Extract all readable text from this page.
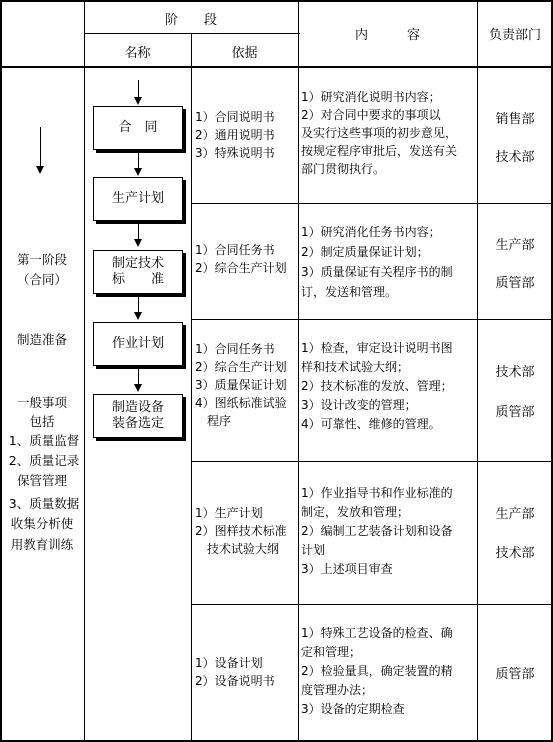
阶　　段
名称	依据
内　　　容	负责部门
第一阶段
（合同）
制造准备
一般事项
包括
1、质量监督
2、质量记录
保管管理
3、质量数据
收集分析使
用教育训练
合　同
生产计划
制定技术
标　　准
作业计划
制造设备
装备选定
1）合同说明书
2）通用说明书
3）特殊说明书
1）研究消化说明书内容；
2）对合同中要求的事项以
及实行这些事项的初步意见，
按规定程序审批后，发送有关
部门贯彻执行。
销售部
技术部
1）合同任务书
2）综合生产计划
1）研究消化任务书内容；
2）制定质量保证计划；
3）质量保证有关程序书的制
订，发送和管理。
生产部
质管部
1）合同任务书
2）综合生产计划
3）质量保证计划
4）图纸标准试验
　程序
1）检查，审定设计说明书图
样和技术试验大纲；
2）技术标准的发放、管理；
3）设计改变的管理；
4）可靠性、维修的管理。
技术部
质管部
1）生产计划
2）图样技术标准
　技术试验大纲
1）作业指导书和作业标准的
制定，发放和管理；
2）编制工艺装备计划和设备
计划
3）上述项目审查
生产部
技术部
1）设备计划
2）设备说明书
1）特殊工艺设备的检查、确
定和管理；
2）检验量具，确定装置的精
度管理办法；
3）设备的定期检查
质管部
